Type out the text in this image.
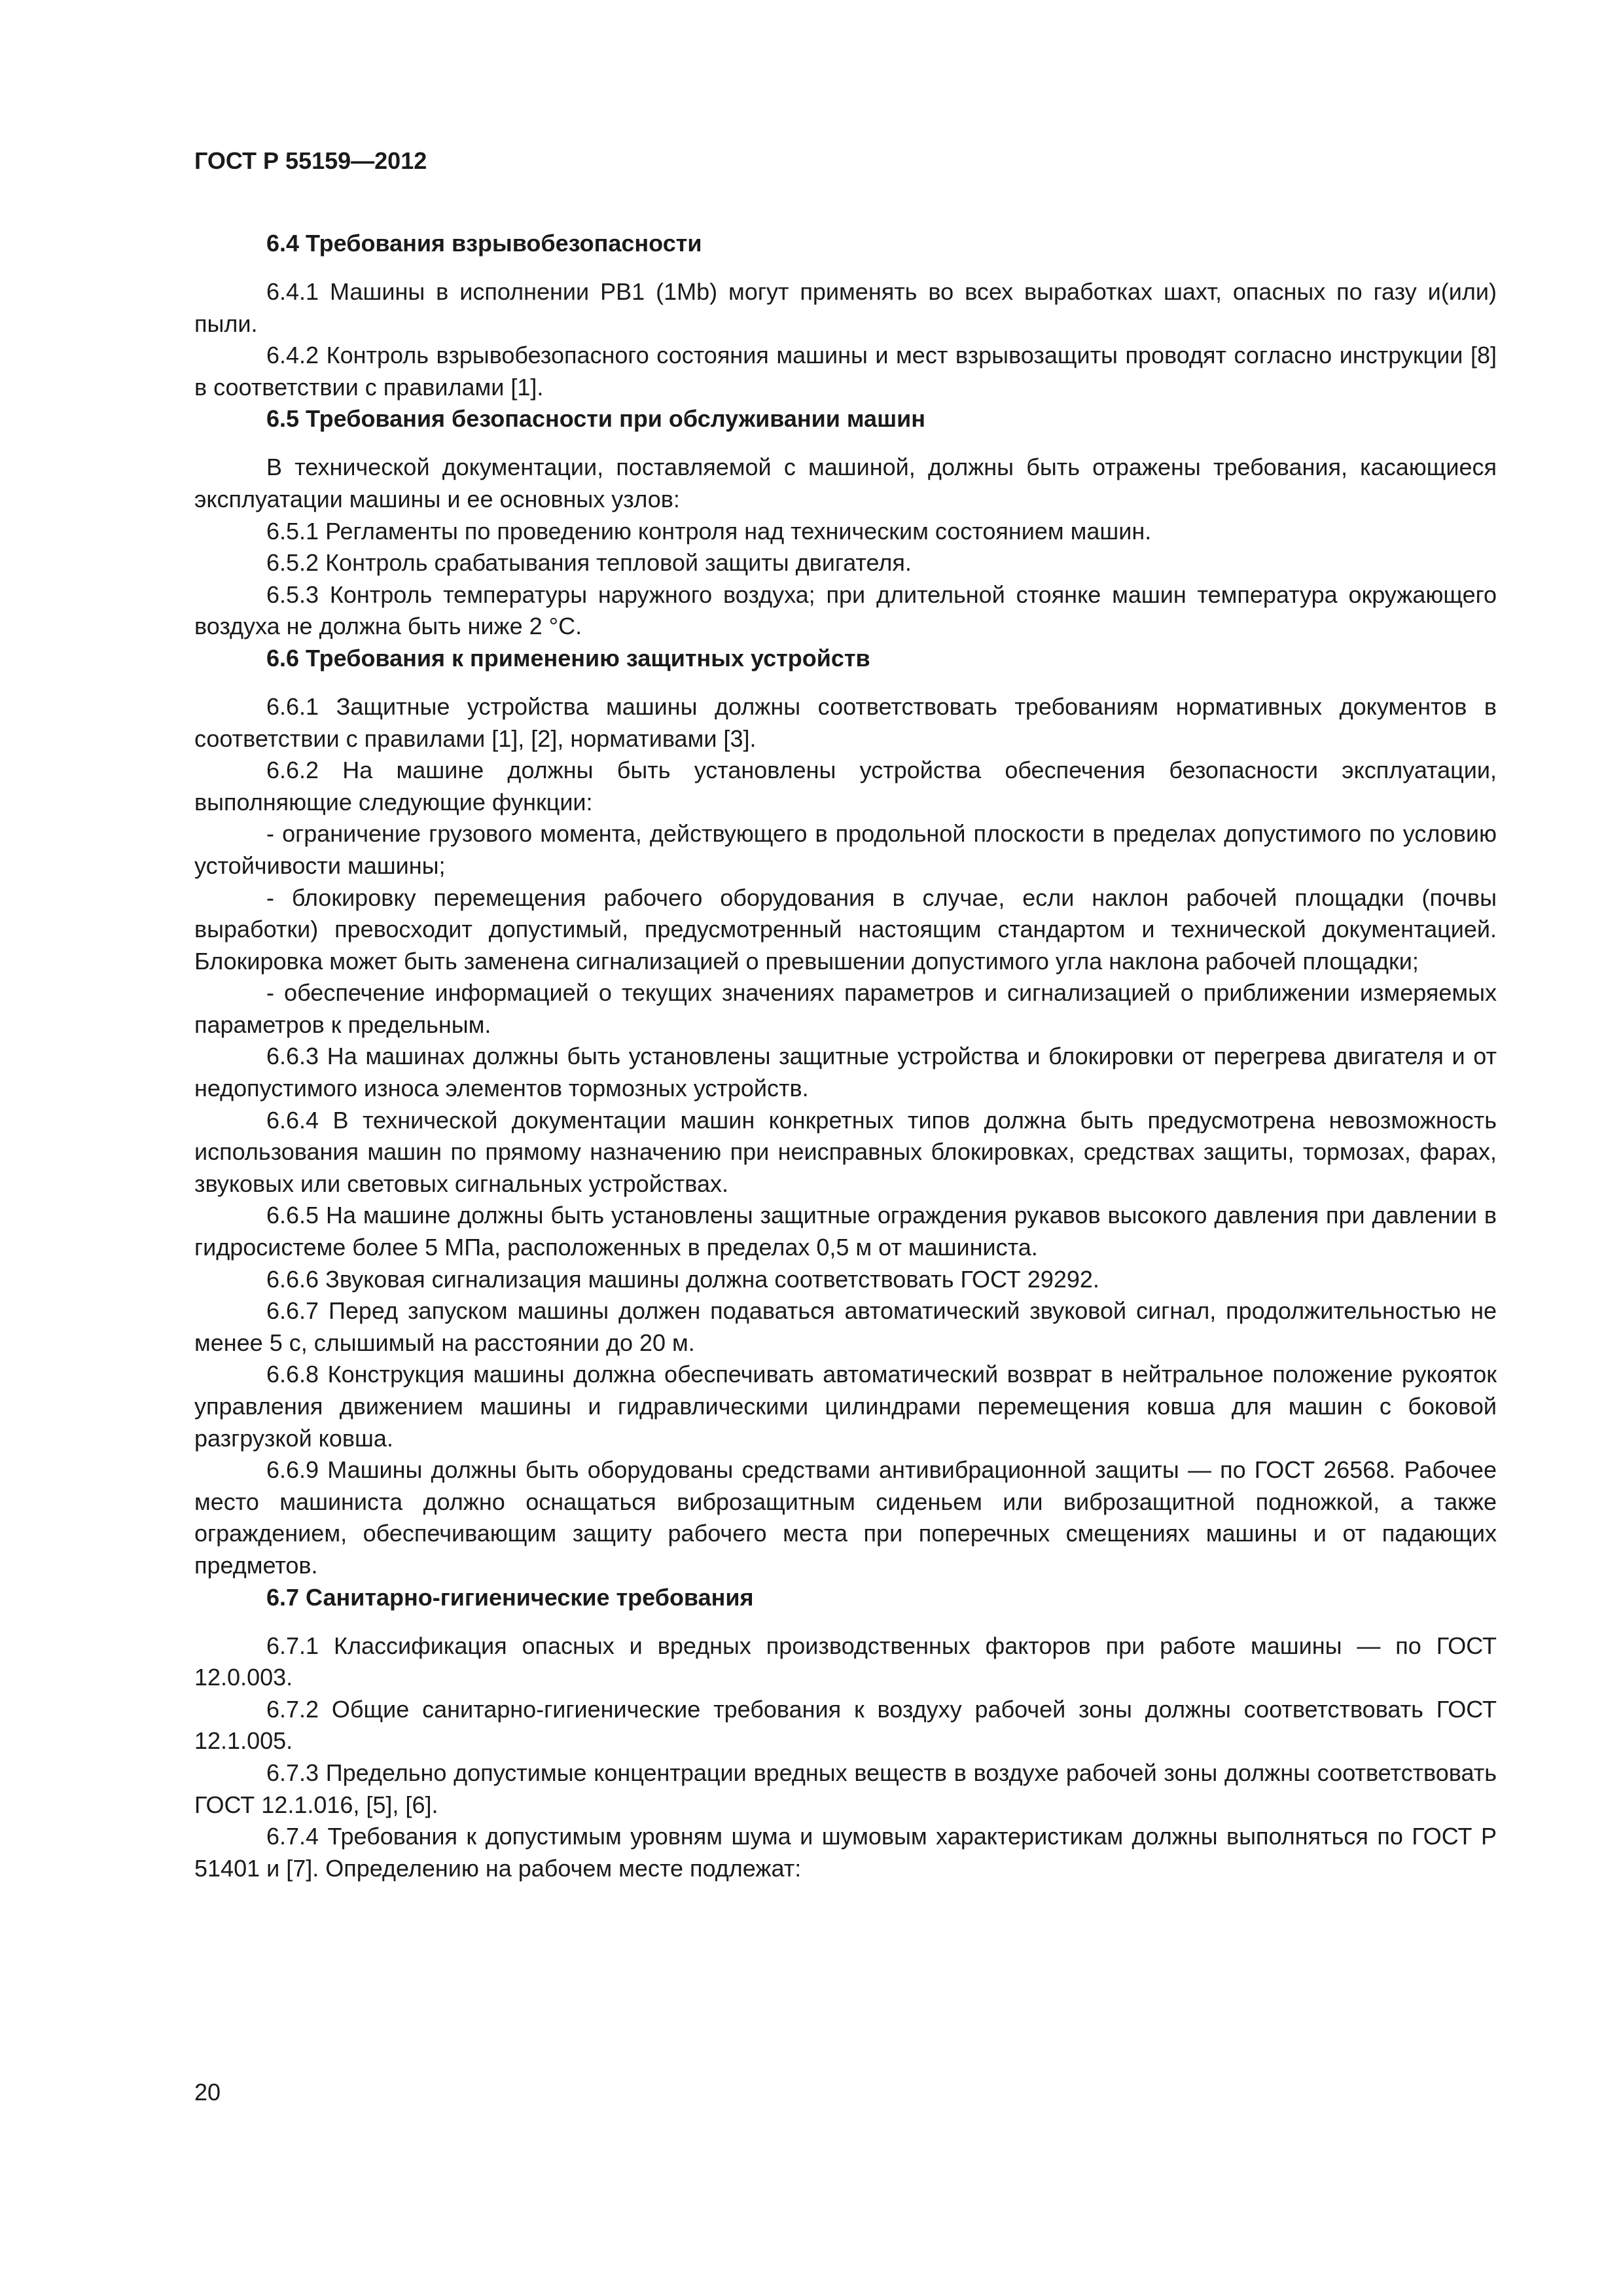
ГОСТ Р 55159—2012
6.4 Требования взрывобезопасности

6.4.1 Машины в исполнении PB1 (1Mb) могут применять во всех выработках шахт, опасных по газу и(или) пыли.

6.4.2 Контроль взрывобезопасного состояния машины и мест взрывозащиты проводят согласно инструкции [8] в соответствии с правилами [1].

6.5 Требования безопасности при обслуживании машин

В технической документации, поставляемой с машиной, должны быть отражены требования, касающиеся эксплуатации машины и ее основных узлов:

6.5.1 Регламенты по проведению контроля над техническим состоянием машин.

6.5.2 Контроль срабатывания тепловой защиты двигателя.

6.5.3 Контроль температуры наружного воздуха; при длительной стоянке машин температура окружающего воздуха не должна быть ниже 2 °С.

6.6 Требования к применению защитных устройств

6.6.1 Защитные устройства машины должны соответствовать требованиям нормативных документов в соответствии с правилами [1], [2], нормативами [3].

6.6.2 На машине должны быть установлены устройства обеспечения безопасности эксплуатации, выполняющие следующие функции:

- ограничение грузового момента, действующего в продольной плоскости в пределах допустимого по условию устойчивости машины;

- блокировку перемещения рабочего оборудования в случае, если наклон рабочей площадки (почвы выработки) превосходит допустимый, предусмотренный настоящим стандартом и технической документацией. Блокировка может быть заменена сигнализацией о превышении допустимого угла наклона рабочей площадки;

- обеспечение информацией о текущих значениях параметров и сигнализацией о приближении измеряемых параметров к предельным.

6.6.3 На машинах должны быть установлены защитные устройства и блокировки от перегрева двигателя и от недопустимого износа элементов тормозных устройств.

6.6.4 В технической документации машин конкретных типов должна быть предусмотрена невозможность использования машин по прямому назначению при неисправных блокировках, средствах защиты, тормозах, фарах, звуковых или световых сигнальных устройствах.

6.6.5 На машине должны быть установлены защитные ограждения рукавов высокого давления при давлении в гидросистеме более 5 МПа, расположенных в пределах 0,5 м от машиниста.

6.6.6 Звуковая сигнализация машины должна соответствовать ГОСТ 29292.

6.6.7 Перед запуском машины должен подаваться автоматический звуковой сигнал, продолжительностью не менее 5 с, слышимый на расстоянии до 20 м.

6.6.8 Конструкция машины должна обеспечивать автоматический возврат в нейтральное положение рукояток управления движением машины и гидравлическими цилиндрами перемещения ковша для машин с боковой разгрузкой ковша.

6.6.9 Машины должны быть оборудованы средствами антивибрационной защиты — по ГОСТ 26568. Рабочее место машиниста должно оснащаться виброзащитным сиденьем или виброзащитной подножкой, а также ограждением, обеспечивающим защиту рабочего места при поперечных смещениях машины и от падающих предметов.

6.7 Санитарно-гигиенические требования

6.7.1 Классификация опасных и вредных производственных факторов при работе машины — по ГОСТ 12.0.003.

6.7.2 Общие санитарно-гигиенические требования к воздуху рабочей зоны должны соответствовать ГОСТ 12.1.005.

6.7.3 Предельно допустимые концентрации вредных веществ в воздухе рабочей зоны должны соответствовать ГОСТ 12.1.016, [5], [6].

6.7.4 Требования к допустимым уровням шума и шумовым характеристикам должны выполняться по ГОСТ Р 51401 и [7]. Определению на рабочем месте подлежат:

20
